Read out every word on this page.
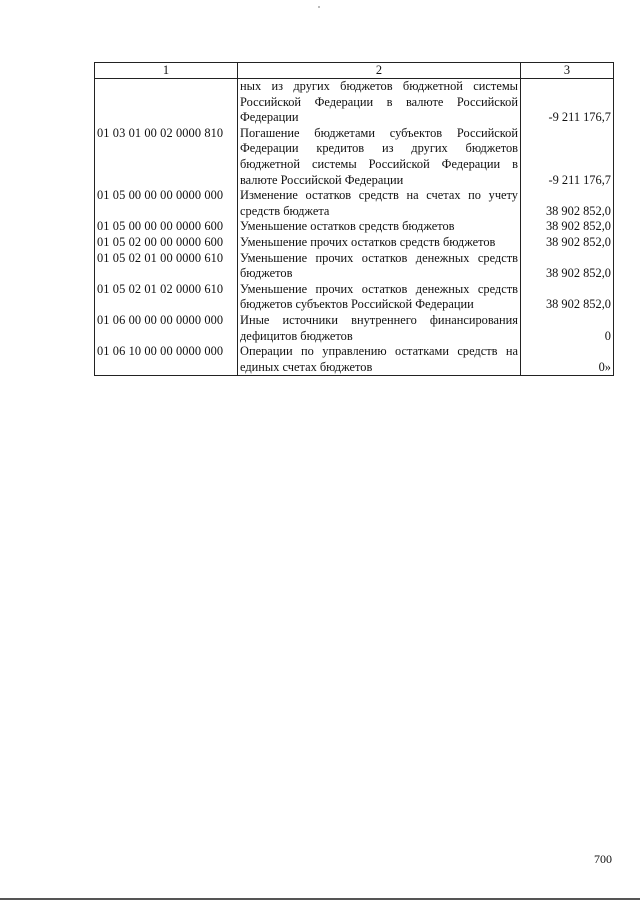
1	2	3
	ных из других бюджетов бюджетной системы Российской Федерации в валюте Российской Федерации	-9 211 176,7
01 03 01 00 02 0000 810	Погашение бюджетами субъектов Российской Федерации кредитов из других бюджетов бюджетной системы Российской Федерации в валюте Российской Федерации	-9 211 176,7
01 05 00 00 00 0000 000	Изменение остатков средств на счетах по учету средств бюджета	38 902 852,0
01 05 00 00 00 0000 600	Уменьшение остатков средств бюджетов	38 902 852,0
01 05 02 00 00 0000 600	Уменьшение прочих остатков средств бюджетов	38 902 852,0
01 05 02 01 00 0000 610	Уменьшение прочих остатков денежных средств бюджетов	38 902 852,0
01 05 02 01 02 0000 610	Уменьшение прочих остатков денежных средств бюджетов субъектов Российской Федерации	38 902 852,0
01 06 00 00 00 0000 000	Иные источники внутреннего финансирования дефицитов бюджетов	0
01 06 10 00 00 0000 000	Операции по управлению остатками средств на единых счетах бюджетов	0»
700
